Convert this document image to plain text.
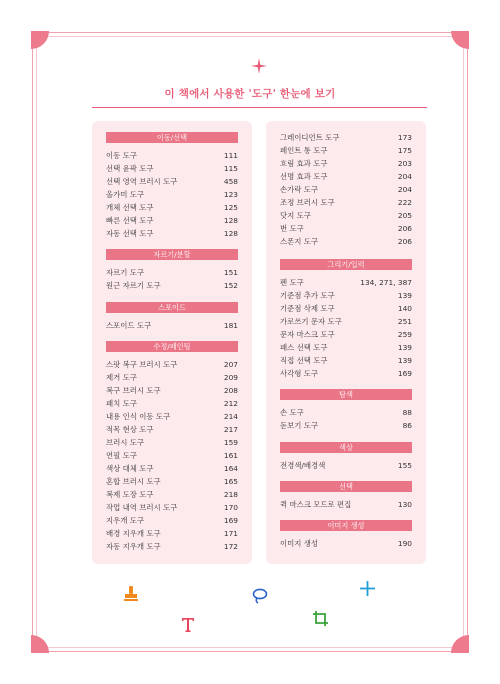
이 책에서 사용한 '도구' 한눈에 보기
이동/선택
이동 도구	111
선택 윤곽 도구	115
선택 영역 브러시 도구	458
올가미 도구	123
개체 선택 도구	125
빠른 선택 도구	128
자동 선택 도구	128
자르기/분할
자르기 도구	151
원근 자르기 도구	152
스포이드
스포이드 도구	181
수정/페인팅
스팟 복구 브러시 도구	207
제거 도구	209
복구 브러시 도구	208
패치 도구	212
내용 인식 이동 도구	214
적목 현상 도구	217
브러시 도구	159
연필 도구	161
색상 대체 도구	164
혼합 브러시 도구	165
복제 도장 도구	218
작업 내역 브러시 도구	170
지우개 도구	169
배경 지우개 도구	171
자동 지우개 도구	172
그레이디언트 도구	173
페인트 통 도구	175
흐림 효과 도구	203
선명 효과 도구	204
손가락 도구	204
조정 브러시 도구	222
닷지 도구	205
번 도구	206
스폰지 도구	206
그리기/입력
펜 도구	134, 271, 387
기준점 추가 도구	139
기준점 삭제 도구	140
가로쓰기 문자 도구	251
문자 마스크 도구	259
패스 선택 도구	139
직접 선택 도구	139
사각형 도구	169
탐색
손 도구	88
돋보기 도구	86
색상
전경색/배경색	155
선택
퀵 마스크 모드로 편집	130
이미지 생성
이미지 생성	190
